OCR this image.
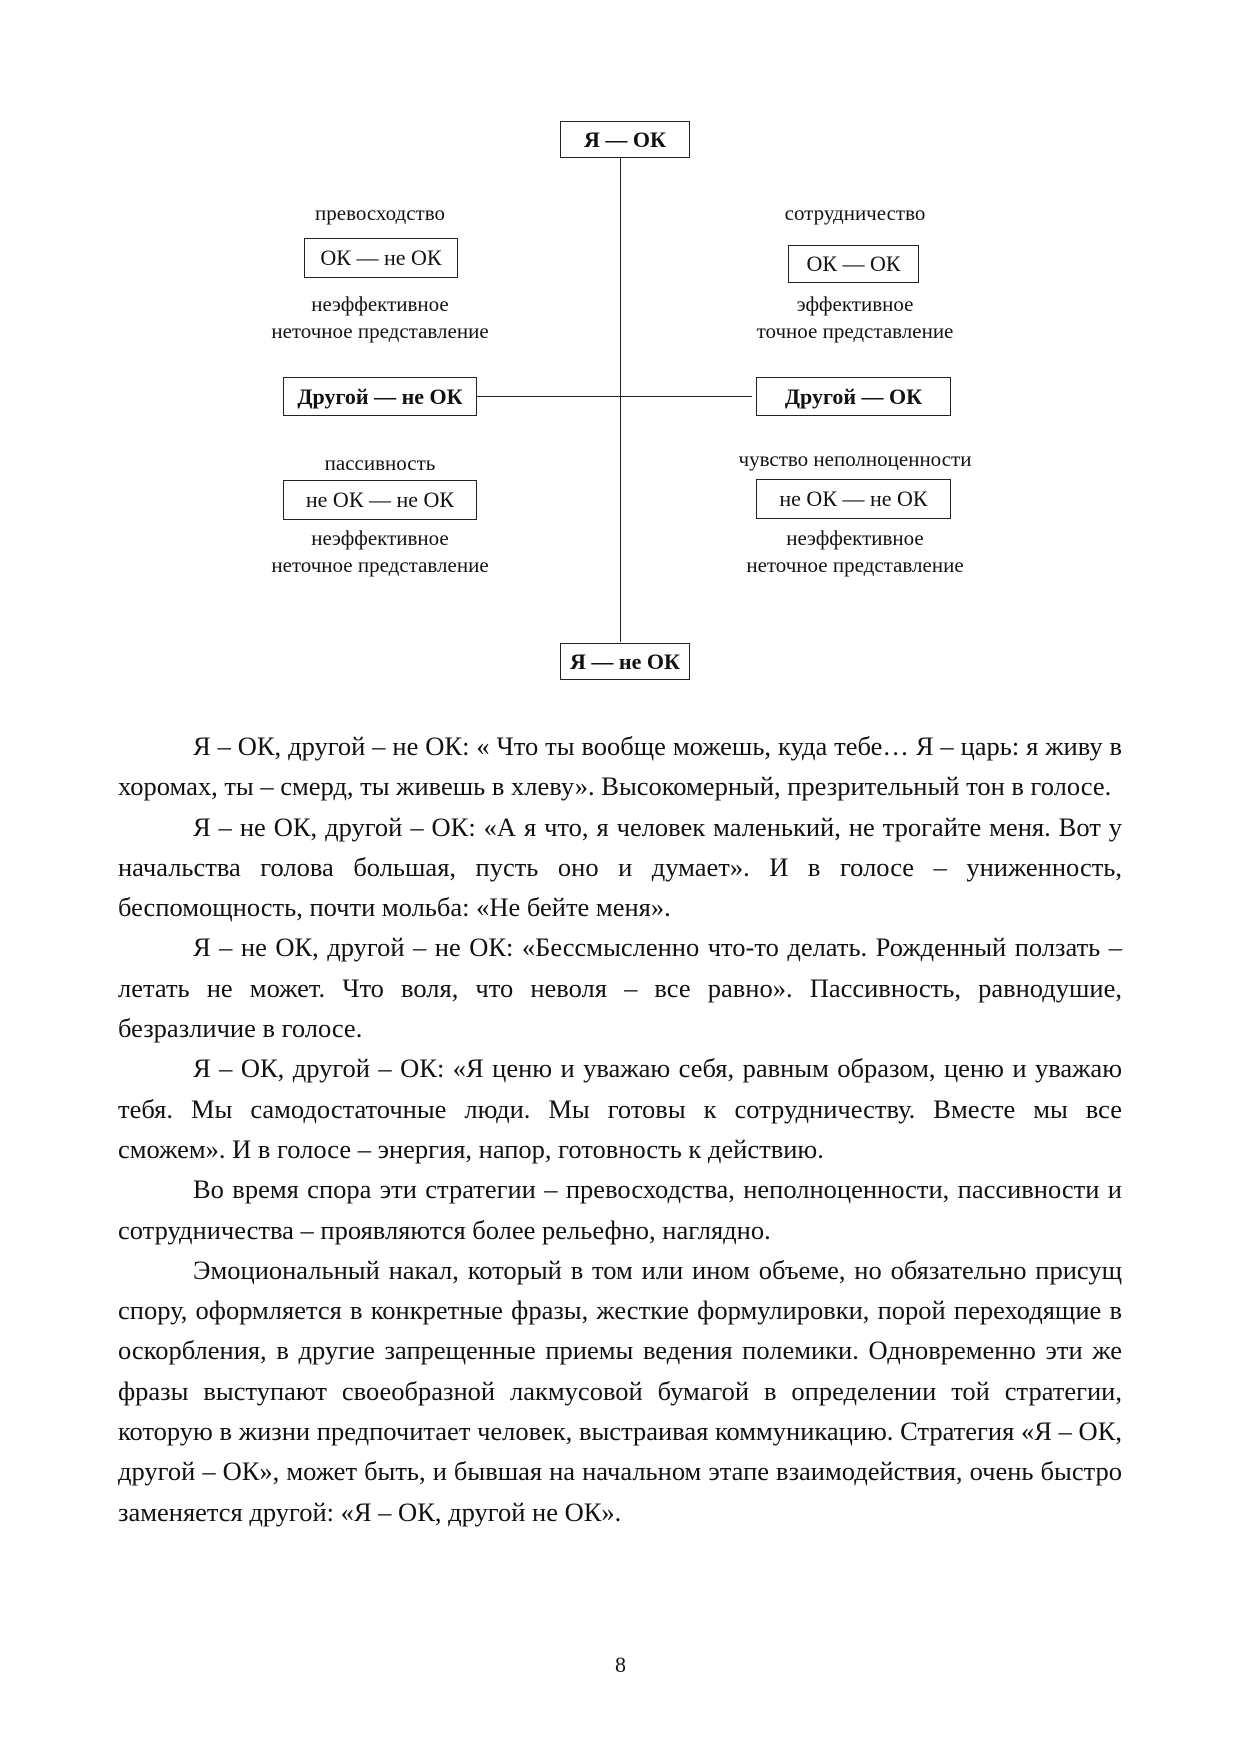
Я — ОК
Я — не ОК
Другой — не ОК	Другой — ОК
превосходство
ОК — не ОК
неэффективное
неточное представление
сотрудничество
ОК — ОК
эффективное
точное представление
пассивность
не ОК — не ОК
неэффективное
неточное представление
чувство неполноценности
не ОК — не ОК
неэффективное
неточное представление

Я – ОК, другой – не ОК: « Что ты вообще можешь, куда тебе… Я – царь: я живу в хоромах, ты – смерд, ты живешь в хлеву». Высокомерный, презрительный тон в голосе.

Я – не ОК, другой – ОК: «А я что, я человек маленький, не трогайте меня. Вот у начальства голова большая, пусть оно и думает». И в голосе – униженность, беспомощность, почти мольба: «Не бейте меня».

Я – не ОК, другой – не ОК: «Бессмысленно что-то делать. Рожденный ползать – летать не может. Что воля, что неволя – все равно». Пассивность, равнодушие, безразличие в голосе.

Я – ОК, другой – ОК: «Я ценю и уважаю себя, равным образом, ценю и уважаю тебя. Мы самодостаточные люди. Мы готовы к сотрудничеству. Вместе мы все сможем». И в голосе – энергия, напор, готовность к действию.

Во время спора эти стратегии – превосходства, неполноценности, пассивности и сотрудничества – проявляются более рельефно, наглядно.

Эмоциональный накал, который в том или ином объеме, но обязательно присущ спору, оформляется в конкретные фразы, жесткие формулировки, порой переходящие в оскорбления, в другие запрещенные приемы ведения полемики. Одновременно эти же фразы выступают своеобразной лакмусовой бумагой в определении той стратегии, которую в жизни предпочитает человек, выстраивая коммуникацию. Стратегия «Я – ОК, другой – ОК», может быть, и бывшая на начальном этапе взаимодействия, очень быстро заменяется другой: «Я – ОК, другой не ОК».

8
